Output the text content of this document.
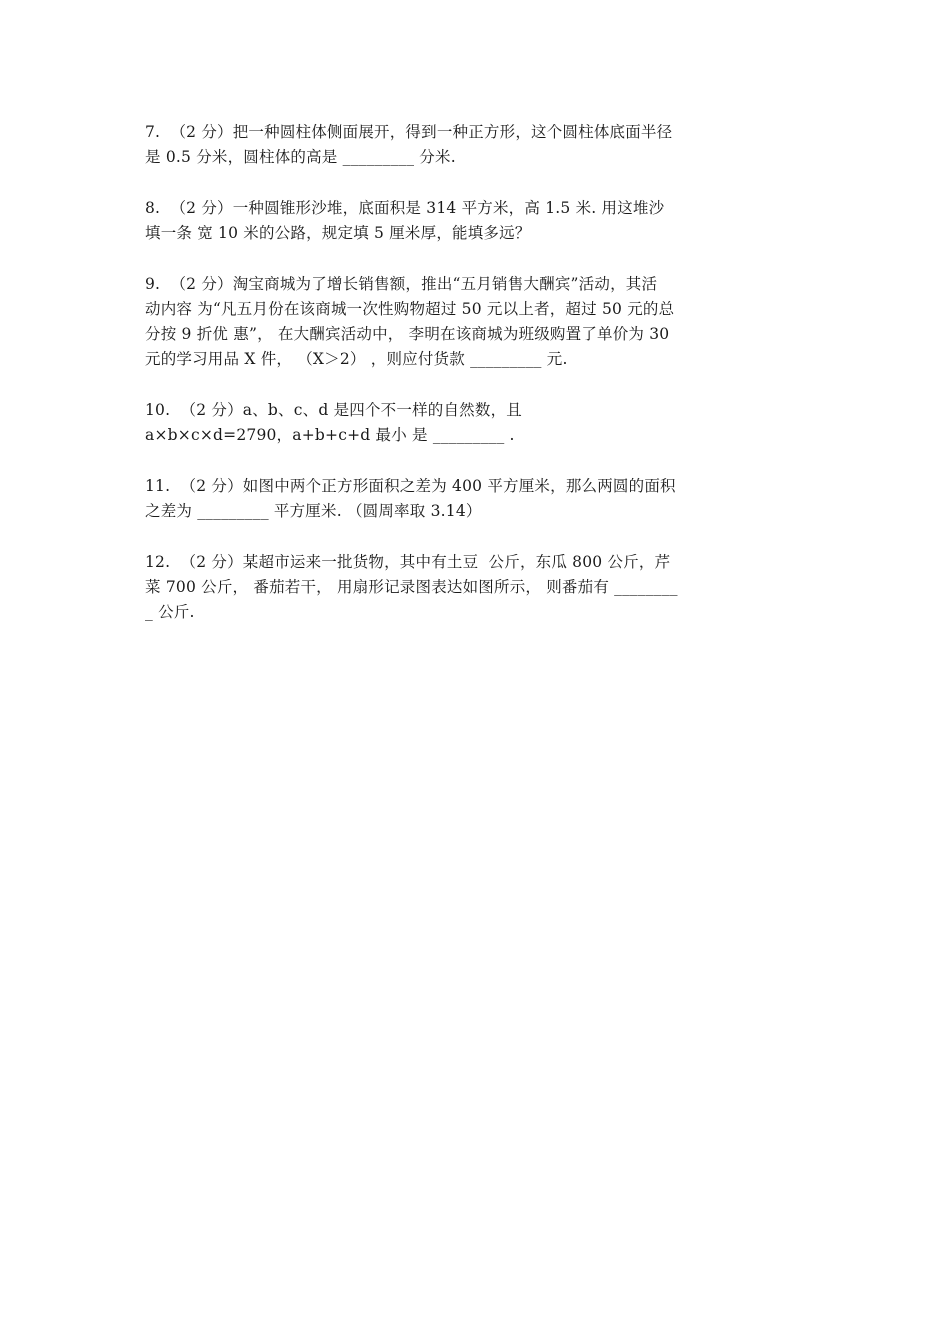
7.  （2 分）把一种圆柱体侧面展开，得到一种正方形，这个圆柱体底面半径
是 0.5 分米，圆柱体的高是 _________ 分米.
8.  （2 分）一种圆锥形沙堆，底面积是 314 平方米，高 1.5 米. 用这堆沙
填一条 宽 10 米的公路，规定填 5 厘米厚，能填多远？
9.  （2 分）淘宝商城为了增长销售额，推出“五月销售大酬宾”活动，其活
动内容 为“凡五月份在该商城一次性购物超过 50 元以上者，超过 50 元的总
分按 9 折优 惠”， 在大酬宾活动中， 李明在该商城为班级购置了单价为 30
元的学习用品 X 件， （X＞2） ，则应付货款 _________ 元.
10.  （2 分）a、b、c、d 是四个不一样的自然数，且
a×b×c×d=2790，a+b+c+d 最小 是 _________ .
11.  （2 分）如图中两个正方形面积之差为 400 平方厘米，那么两圆的面积
之差为 _________ 平方厘米. （圆周率取 3.14）
12.  （2 分）某超市运来一批货物，其中有土豆  公斤，东瓜 800 公斤，芹
菜 700 公斤， 番茄若干， 用扇形记录图表达如图所示， 则番茄有 ________
_ 公斤.
